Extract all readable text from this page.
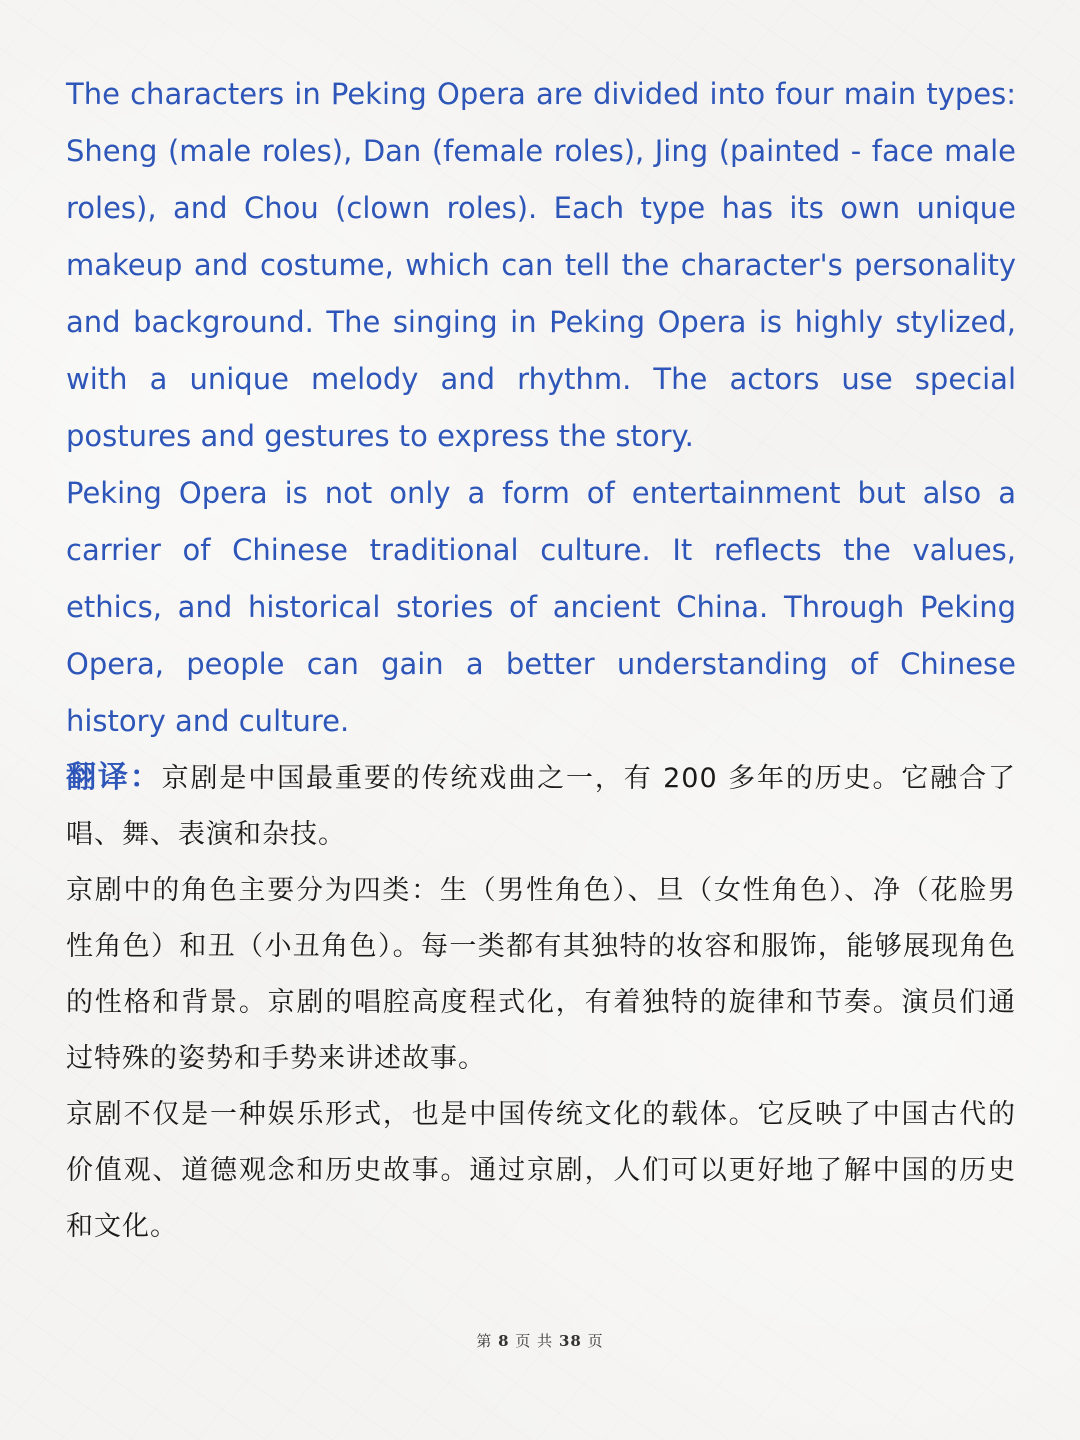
The characters in Peking Opera are divided into four main types: Sheng (male roles), Dan (female roles), Jing (painted - face male roles), and Chou (clown roles). Each type has its own unique makeup and costume, which can tell the character's personality and background. The singing in Peking Opera is highly stylized, with a unique melody and rhythm. The actors use special postures and gestures to express the story.

Peking Opera is not only a form of entertainment but also a carrier of Chinese traditional culture. It reflects the values, ethics, and historical stories of ancient China. Through Peking Opera, people can gain a better understanding of Chinese history and culture.

翻译：京剧是中国最重要的传统戏曲之一，有 200 多年的历史。它融合了唱、舞、表演和杂技。

京剧中的角色主要分为四类：生（男性角色）、旦（女性角色）、净（花脸男性角色）和丑（小丑角色）。每一类都有其独特的妆容和服饰，能够展现角色的性格和背景。京剧的唱腔高度程式化，有着独特的旋律和节奏。演员们通过特殊的姿势和手势来讲述故事。

京剧不仅是一种娱乐形式，也是中国传统文化的载体。它反映了中国古代的价值观、道德观念和历史故事。通过京剧，人们可以更好地了解中国的历史和文化。

第 8 页 共 38 页
